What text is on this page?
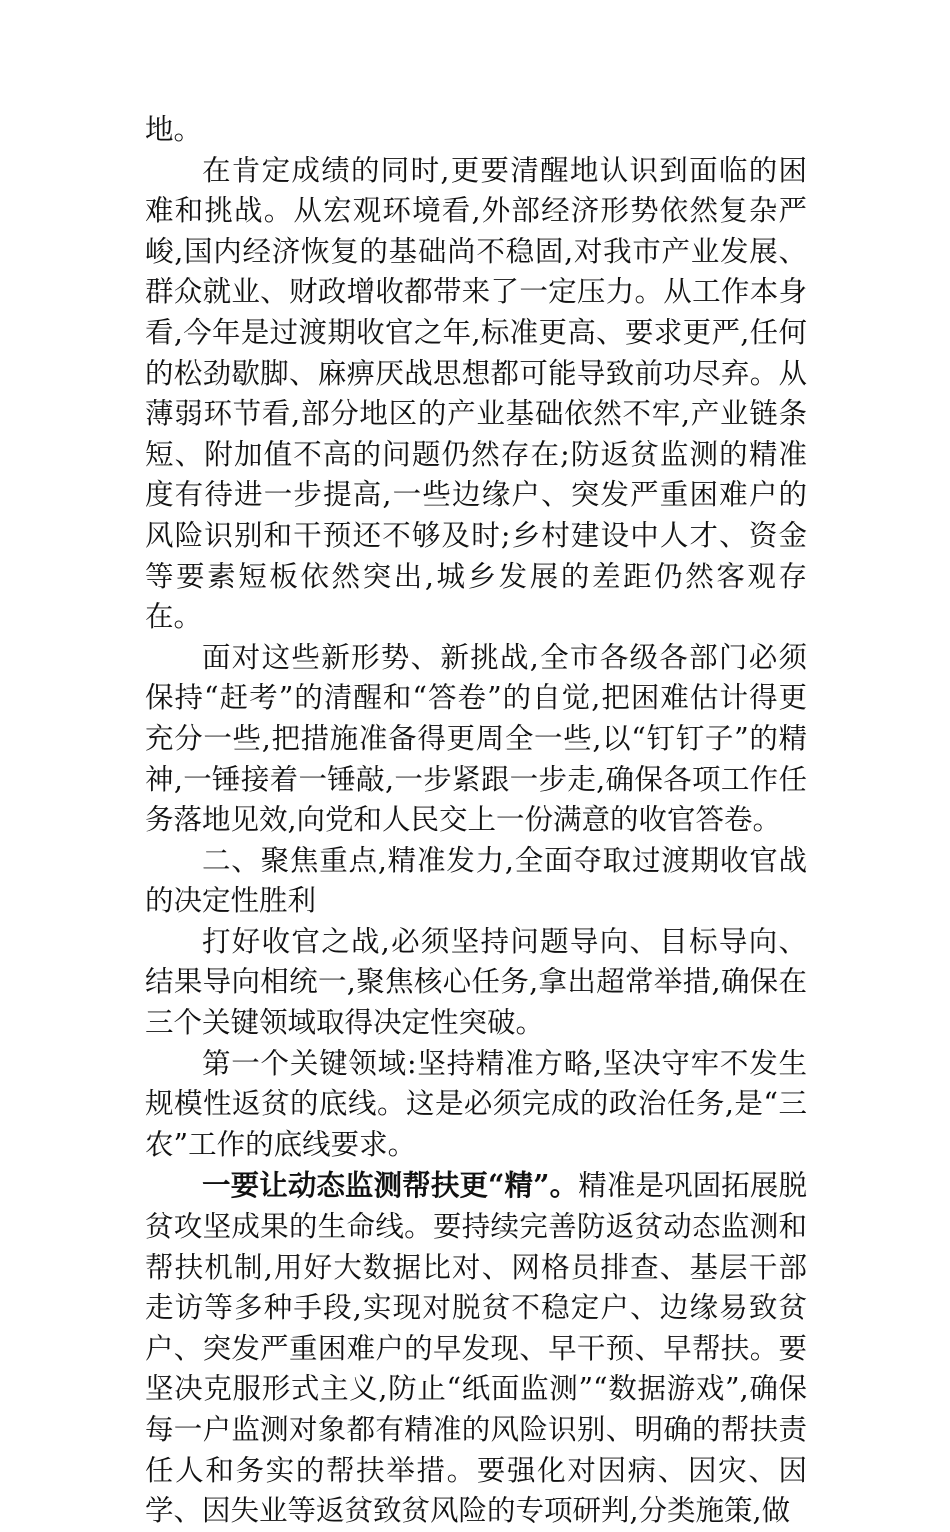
地。

在肯定成绩的同时,更要清醒地认识到面临的困难和挑战。从宏观环境看,外部经济形势依然复杂严峻,国内经济恢复的基础尚不稳固,对我市产业发展、群众就业、财政增收都带来了一定压力。从工作本身看,今年是过渡期收官之年,标准更高、要求更严,任何的松劲歇脚、麻痹厌战思想都可能导致前功尽弃。从薄弱环节看,部分地区的产业基础依然不牢,产业链条短、附加值不高的问题仍然存在;防返贫监测的精准度有待进一步提高,一些边缘户、突发严重困难户的风险识别和干预还不够及时;乡村建设中人才、资金等要素短板依然突出,城乡发展的差距仍然客观存在。

面对这些新形势、新挑战,全市各级各部门必须保持“赶考”的清醒和“答卷”的自觉,把困难估计得更充分一些,把措施准备得更周全一些,以“钉钉子”的精神,一锤接着一锤敲,一步紧跟一步走,确保各项工作任务落地见效,向党和人民交上一份满意的收官答卷。

二、聚焦重点,精准发力,全面夺取过渡期收官战的决定性胜利

打好收官之战,必须坚持问题导向、目标导向、结果导向相统一,聚焦核心任务,拿出超常举措,确保在三个关键领域取得决定性突破。

第一个关键领域:坚持精准方略,坚决守牢不发生规模性返贫的底线。这是必须完成的政治任务,是“三农”工作的底线要求。

一要让动态监测帮扶更“精”。精准是巩固拓展脱贫攻坚成果的生命线。要持续完善防返贫动态监测和帮扶机制,用好大数据比对、网格员排查、基层干部走访等多种手段,实现对脱贫不稳定户、边缘易致贫户、突发严重困难户的早发现、早干预、早帮扶。要坚决克服形式主义,防止“纸面监测”“数据游戏”,确保每一户监测对象都有精准的风险识别、明确的帮扶责任人和务实的帮扶举措。要强化对因病、因灾、因学、因失业等返贫致贫风险的专项研判,分类施策,做
